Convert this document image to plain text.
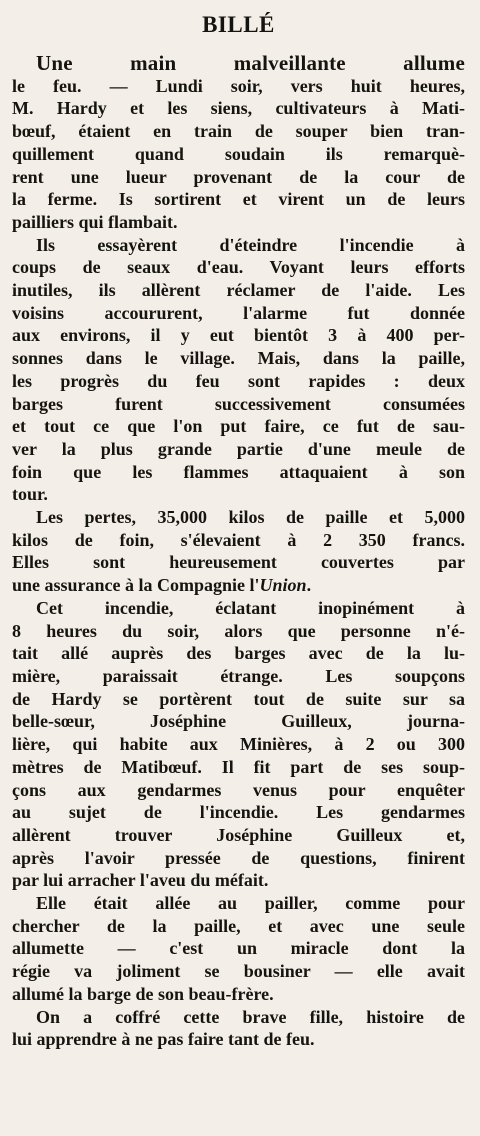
BILLÉ

Une main malveillante allume
le feu. — Lundi soir, vers huit heures,
M. Hardy et les siens, cultivateurs à Mati-
bœuf, étaient en train de souper bien tran-
quillement quand soudain ils remarquè-
rent une lueur provenant de la cour de
la ferme. Is sortirent et virent un de leurs
pailliers qui flambait.

Ils essayèrent d'éteindre l'incendie à
coups de seaux d'eau. Voyant leurs efforts
inutiles, ils allèrent réclamer de l'aide. Les
voisins accoururent, l'alarme fut donnée
aux environs, il y eut bientôt 3 à 400 per-
sonnes dans le village. Mais, dans la paille,
les progrès du feu sont rapides : deux
barges furent successivement consumées
et tout ce que l'on put faire, ce fut de sau-
ver la plus grande partie d'une meule de
foin que les flammes attaquaient à son
tour.

Les pertes, 35,000 kilos de paille et 5,000
kilos de foin, s'élevaient à 2 350 francs.
Elles sont heureusement couvertes par
une assurance à la Compagnie l'Union.

Cet incendie, éclatant inopinément à
8 heures du soir, alors que personne n'é-
tait allé auprès des barges avec de la lu-
mière, paraissait étrange. Les soupçons
de Hardy se portèrent tout de suite sur sa
belle-sœur, Joséphine Guilleux, journa-
lière, qui habite aux Minières, à 2 ou 300
mètres de Matibœuf. Il fit part de ses soup-
çons aux gendarmes venus pour enquêter
au sujet de l'incendie. Les gendarmes
allèrent trouver Joséphine Guilleux et,
après l'avoir pressée de questions, finirent
par lui arracher l'aveu du méfait.

Elle était allée au pailler, comme pour
chercher de la paille, et avec une seule
allumette — c'est un miracle dont la
régie va joliment se bousiner — elle avait
allumé la barge de son beau-frère.

On a coffré cette brave fille, histoire de
lui apprendre à ne pas faire tant de feu.
